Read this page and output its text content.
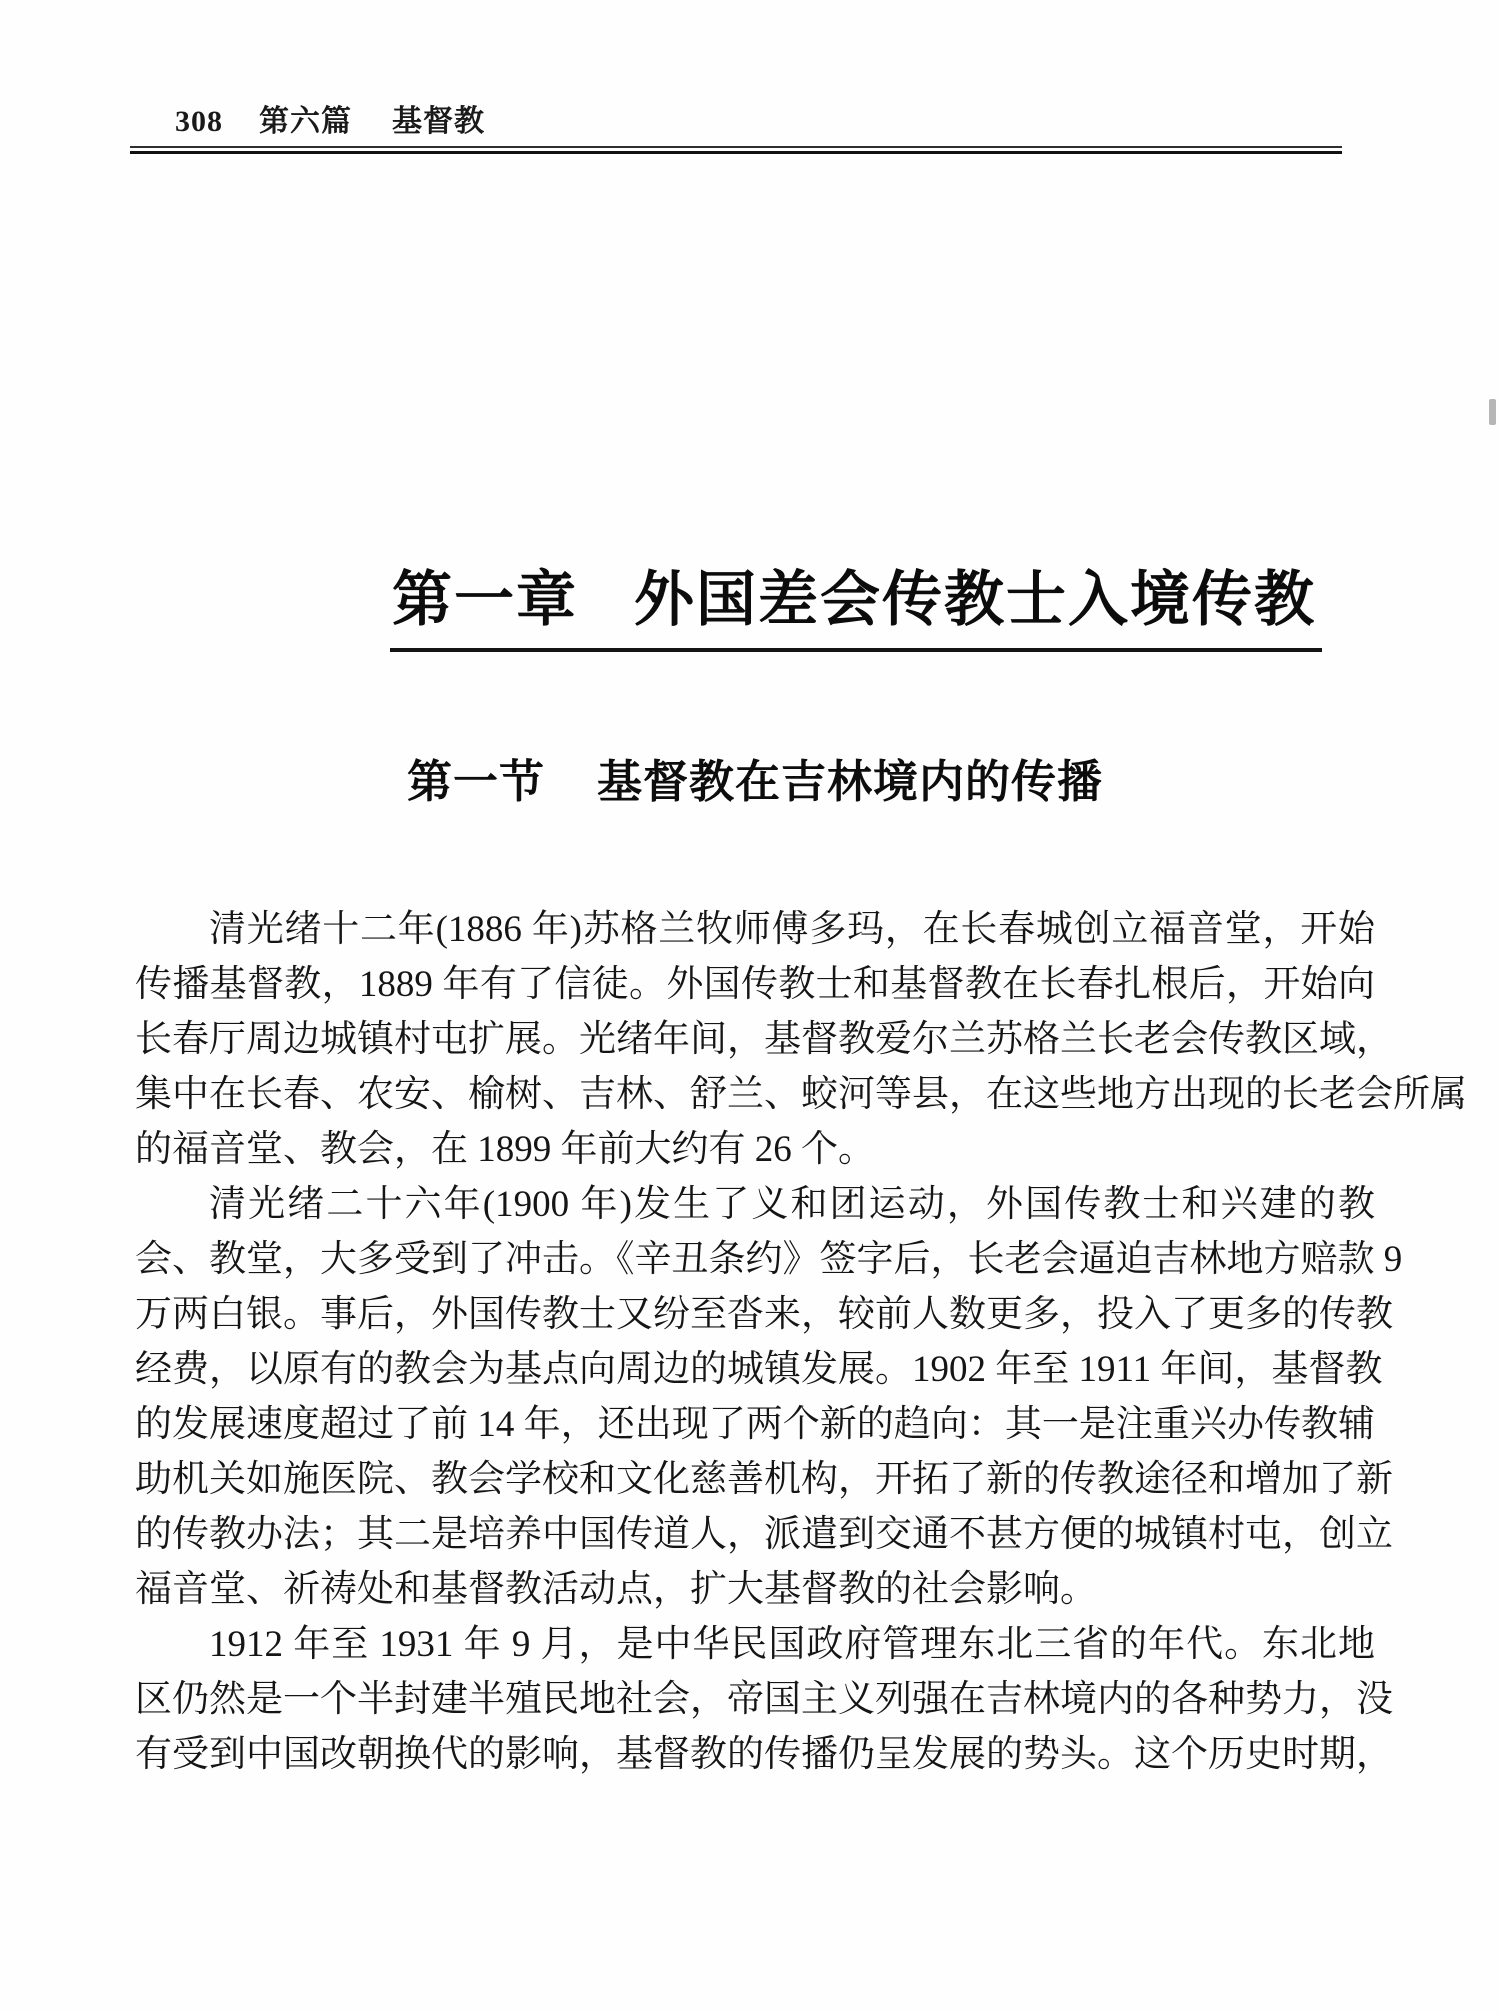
308 第六篇 基督教
第一章 外国差会传教士入境传教
第一节 基督教在吉林境内的传播
清光绪十二年(1886 年)苏格兰牧师傅多玛，在长春城创立福音堂，开始
传播基督教，1889 年有了信徒。外国传教士和基督教在长春扎根后，开始向
长春厅周边城镇村屯扩展。光绪年间，基督教爱尔兰苏格兰长老会传教区域，
集中在长春、农安、榆树、吉林、舒兰、蛟河等县，在这些地方出现的长老会所属
的福音堂、教会，在 1899 年前大约有 26 个。
清光绪二十六年(1900 年)发生了义和团运动，外国传教士和兴建的教
会、教堂，大多受到了冲击。《辛丑条约》签字后，长老会逼迫吉林地方赔款 9
万两白银。事后，外国传教士又纷至沓来，较前人数更多，投入了更多的传教
经费，以原有的教会为基点向周边的城镇发展。1902 年至 1911 年间，基督教
的发展速度超过了前 14 年，还出现了两个新的趋向：其一是注重兴办传教辅
助机关如施医院、教会学校和文化慈善机构，开拓了新的传教途径和增加了新
的传教办法；其二是培养中国传道人，派遣到交通不甚方便的城镇村屯，创立
福音堂、祈祷处和基督教活动点，扩大基督教的社会影响。
1912 年至 1931 年 9 月，是中华民国政府管理东北三省的年代。东北地
区仍然是一个半封建半殖民地社会，帝国主义列强在吉林境内的各种势力，没
有受到中国改朝换代的影响，基督教的传播仍呈发展的势头。这个历史时期，
